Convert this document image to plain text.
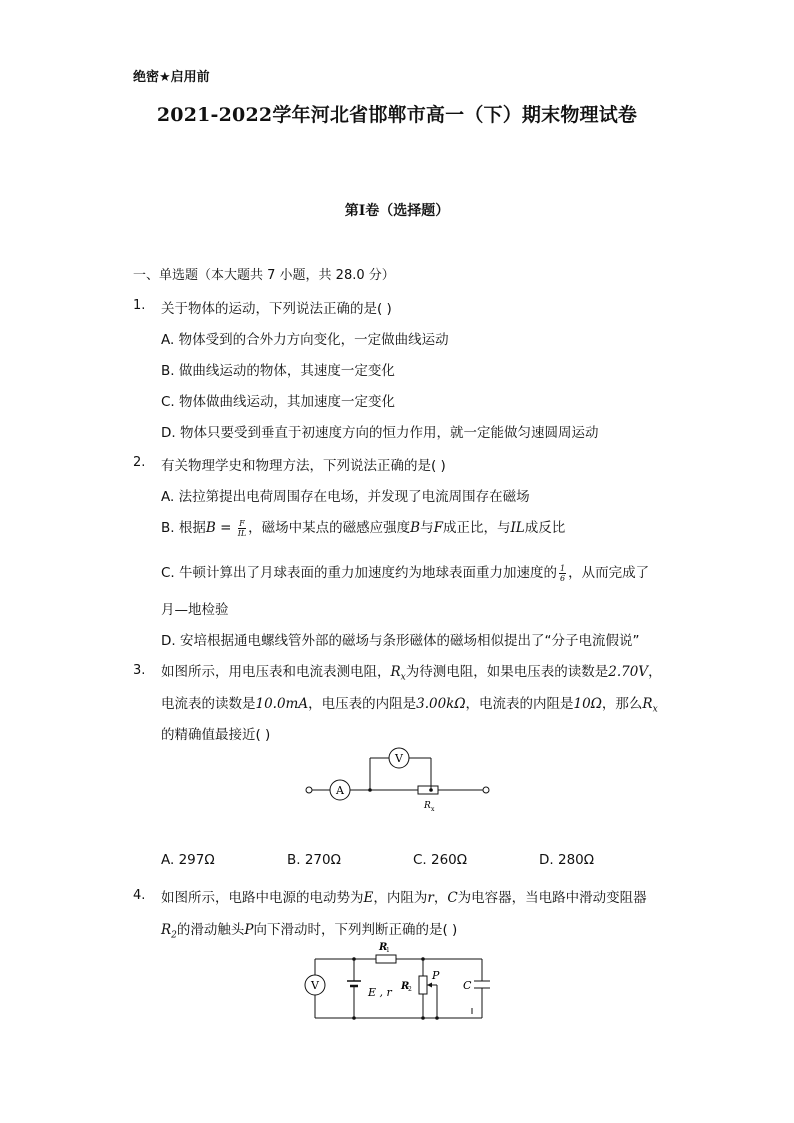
绝密★启用前
2021-2022学年河北省邯郸市高一（下）期末物理试卷
第I卷（选择题）
一、单选题（本大题共 7 小题，共 28.0 分）
1. 关于物体的运动，下列说法正确的是( )
A. 物体受到的合外力方向变化，一定做曲线运动
B. 做曲线运动的物体，其速度一定变化
C. 物体做曲线运动，其加速度一定变化
D. 物体只要受到垂直于初速度方向的恒力作用，就一定能做匀速圆周运动
2. 有关物理学史和物理方法，下列说法正确的是( )
A. 法拉第提出电荷周围存在电场，并发现了电流周围存在磁场
B. 根据$B = \frac{F}{IL}$ ，磁场中某点的磁感应强度B与F成正比，与IL成反比
C. 牛顿计算出了月球表面的重力加速度约为地球表面重力加速度的 $\frac{1}{6}$ ，从而完成了
月—地检验
D. 安培根据通电螺线管外部的磁场与条形磁体的磁场相似提出了“分子电流假说”
3. 如图所示，用电压表和电流表测电阻，$R_x$为待测电阻，如果电压表的读数是2.70V，
电流表的读数是10.0mA，电压表的内阻是3.00kΩ，电流表的内阻是10Ω，那么$R_x$
的精确值最接近( )
A
V
R x
A. 297Ω	B. 270Ω	C. 260Ω	D. 280Ω
4. 如图所示，电路中电源的电动势为E，内阻为r，C为电容器，当电路中滑动变阻器
$R_2$的滑动触头P向下滑动时，下列判断正确的是( )
V
R
1
E , r R
2
P
C
